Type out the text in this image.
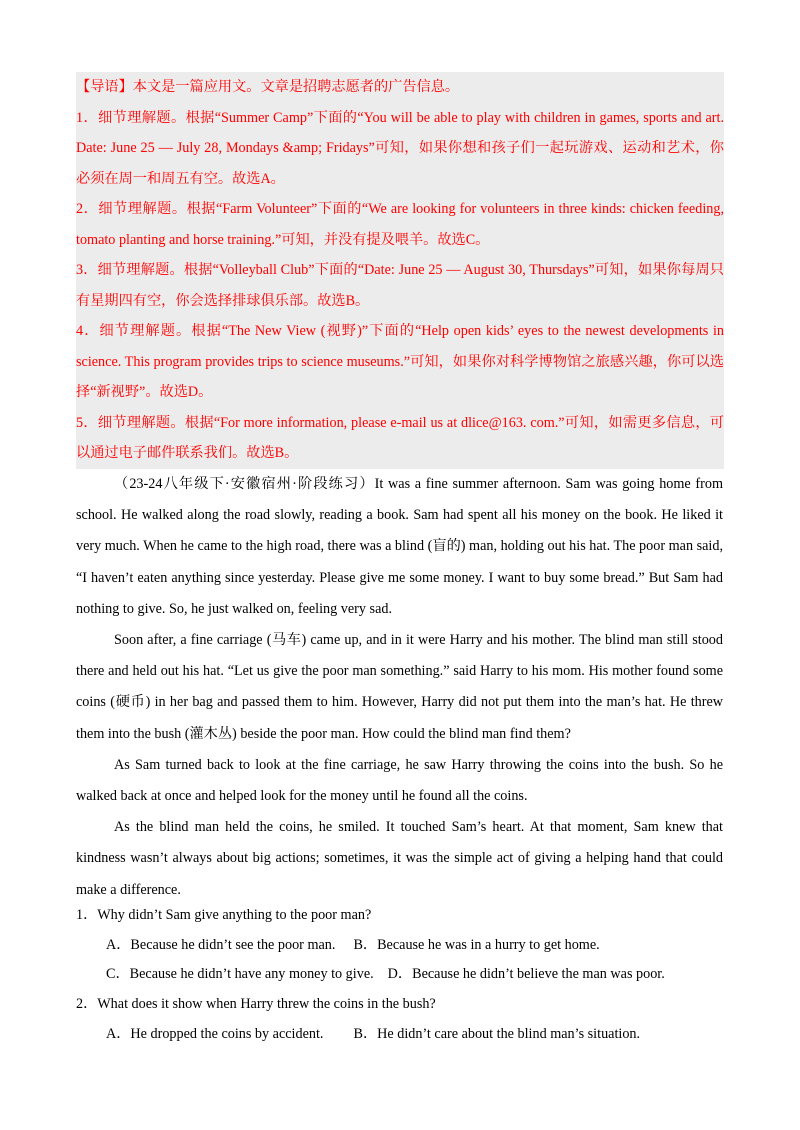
【导语】本文是一篇应用文。文章是招聘志愿者的广告信息。

1．细节理解题。根据“Summer Camp”下面的“You will be able to play with children in games, sports and art. Date: June 25 — July 28, Mondays &amp; Fridays”可知，如果你想和孩子们一起玩游戏、运动和艺术，你必须在周一和周五有空。故选A。

2．细节理解题。根据“Farm Volunteer”下面的“We are looking for volunteers in three kinds: chicken feeding, tomato planting and horse training.”可知，并没有提及喂羊。故选C。

3．细节理解题。根据“Volleyball Club”下面的“Date: June 25 — August 30, Thursdays”可知，如果你每周只有星期四有空，你会选择排球俱乐部。故选B。

4．细节理解题。根据“The New View (视野)”下面的“Help open kids’ eyes to the newest developments in science. This program provides trips to science museums.”可知，如果你对科学博物馆之旅感兴趣，你可以选择“新视野”。故选D。

5．细节理解题。根据“For more information, please e-mail us at dlice@163. com.”可知，如需更多信息，可以通过电子邮件联系我们。故选B。

（23-24八年级下·安徽宿州·阶段练习）It was a fine summer afternoon. Sam was going home from school. He walked along the road slowly, reading a book. Sam had spent all his money on the book. He liked it very much. When he came to the high road, there was a blind (盲的) man, holding out his hat. The poor man said, “I haven’t eaten anything since yesterday. Please give me some money. I want to buy some bread.” But Sam had nothing to give. So, he just walked on, feeling very sad.

Soon after, a fine carriage (马车) came up, and in it were Harry and his mother. The blind man still stood there and held out his hat. “Let us give the poor man something.” said Harry to his mom. His mother found some coins (硬币) in her bag and passed them to him. However, Harry did not put them into the man’s hat. He threw them into the bush (灌木丛) beside the poor man. How could the blind man find them?

As Sam turned back to look at the fine carriage, he saw Harry throwing the coins into the bush. So he walked back at once and helped look for the money until he found all the coins.

As the blind man held the coins, he smiled. It touched Sam’s heart. At that moment, Sam knew that kindness wasn’t always about big actions; sometimes, it was the simple act of giving a helping hand that could make a difference.

1．Why didn’t Sam give anything to the poor man?

A．Because he didn’t see the poor man. B．Because he was in a hurry to get home.

C．Because he didn’t have any money to give. D．Because he didn’t believe the man was poor.

2．What does it show when Harry threw the coins in the bush?

A．He dropped the coins by accident. B．He didn’t care about the blind man’s situation.
